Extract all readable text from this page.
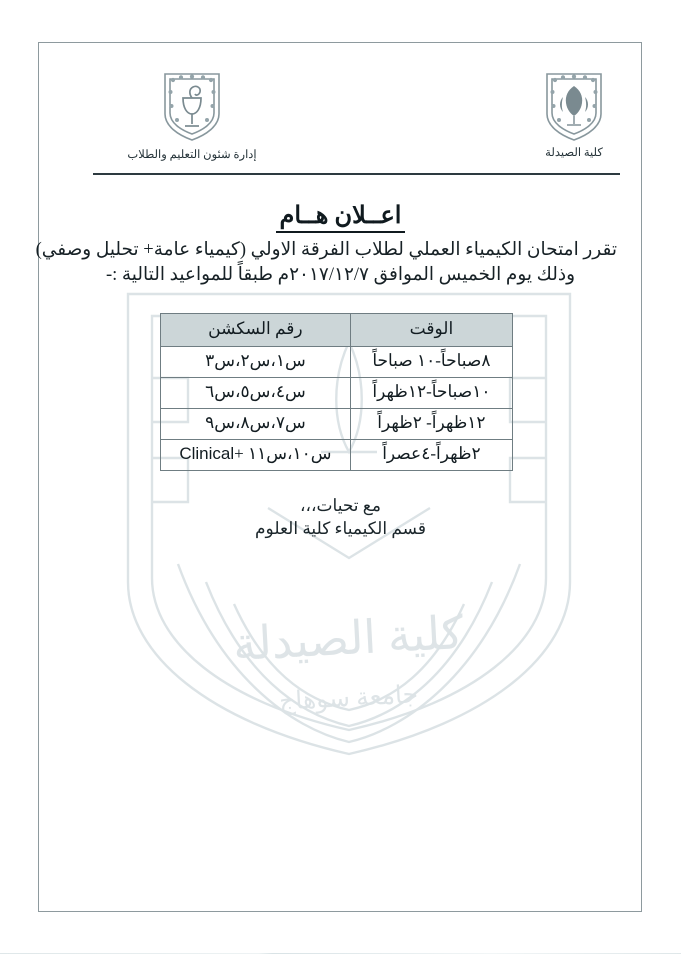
كلية الصيدلة
جامعة سوهاج
كلية الصيدلة
إدارة شئون التعليم والطلاب
اعــلان هــام
تقرر امتحان الكيمياء العملي لطلاب الفرقة الاولي (كيمياء عامة+ تحليل وصفي)
وذلك يوم الخميس الموافق ٢٠١٧/١٢/٧م طبقاً للمواعيد التالية :-
الوقت	رقم السكشن
٨صباحاً-١٠ صباحاً	س١،س٢،س٣
١٠صباحاً-١٢ظهراً	س٤،س٥،س٦
١٢ظهراً- ٢ظهراً	س٧،س٨،س٩
٢ظهراً-٤عصراً	س١٠،س١١ +Clinical
مع تحيات،،،
قسم الكيمياء كلية العلوم
